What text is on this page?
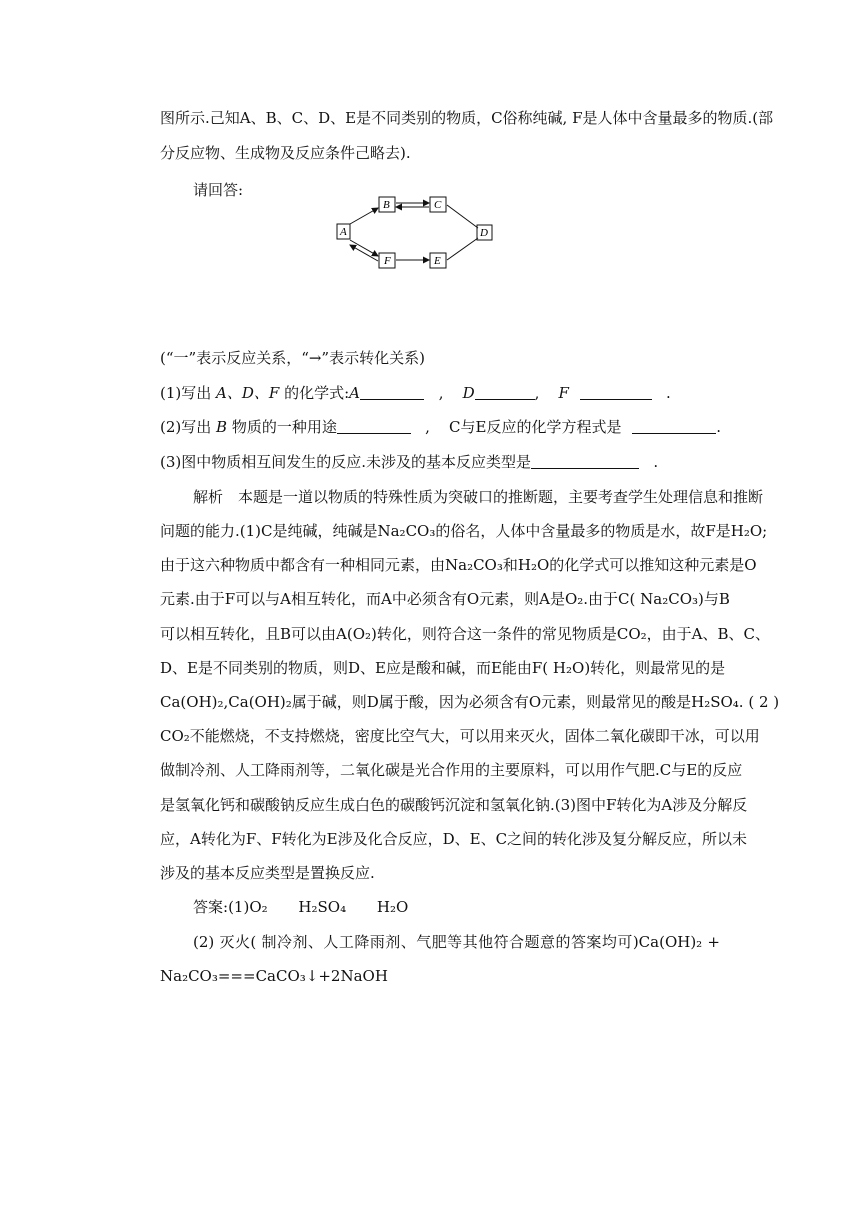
图所示.己知A、B、C、D、E是不同类别的物质，C俗称纯碱, F是人体中含量最多的物质.(部
分反应物、生成物及反应条件己略去).
请回答:
A
B	C
D
E
F
(“一”表示反应关系，“→”表示转化关系)
(1)写出 A、D、F 的化学式:A	,    D	,    F	.
(2)写出 B 物质的一种用途	,    C与E反应的化学方程式是	.
(3)图中物质相互间发生的反应.未涉及的基本反应类型是	.
解析　本题是一道以物质的特殊性质为突破口的推断题，主要考查学生处理信息和推断
问题的能力.(1)C是纯碱，纯碱是Na₂CO₃的俗名，人体中含量最多的物质是水，故F是H₂O;
由于这六种物质中都含有一种相同元素，由Na₂CO₃和H₂O的化学式可以推知这种元素是O
元素.由于F可以与A相互转化，而A中必须含有O元素，则A是O₂.由于C( Na₂CO₃)与B
可以相互转化，且B可以由A(O₂)转化，则符合这一条件的常见物质是CO₂，由于A、B、C、
D、E是不同类别的物质，则D、E应是酸和碱，而E能由F( H₂O)转化，则最常见的是
Ca(OH)₂,Ca(OH)₂属于碱，则D属于酸，因为必须含有O元素，则最常见的酸是H₂SO₄. ( 2 )
CO₂不能燃烧，不支持燃烧，密度比空气大，可以用来灭火，固体二氧化碳即干冰，可以用
做制冷剂、人工降雨剂等，二氧化碳是光合作用的主要原料，可以用作气肥.C与E的反应
是氢氧化钙和碳酸钠反应生成白色的碳酸钙沉淀和氢氧化钠.(3)图中F转化为A涉及分解反
应，A转化为F、F转化为E涉及化合反应，D、E、C之间的转化涉及复分解反应，所以未
涉及的基本反应类型是置换反应.
答案:(1)O₂ H₂SO₄ H₂O
(2) 灭火( 制冷剂、人工降雨剂、气肥等其他符合题意的答案均可)Ca(OH)₂ +
Na₂CO₃===CaCO₃↓+2NaOH
